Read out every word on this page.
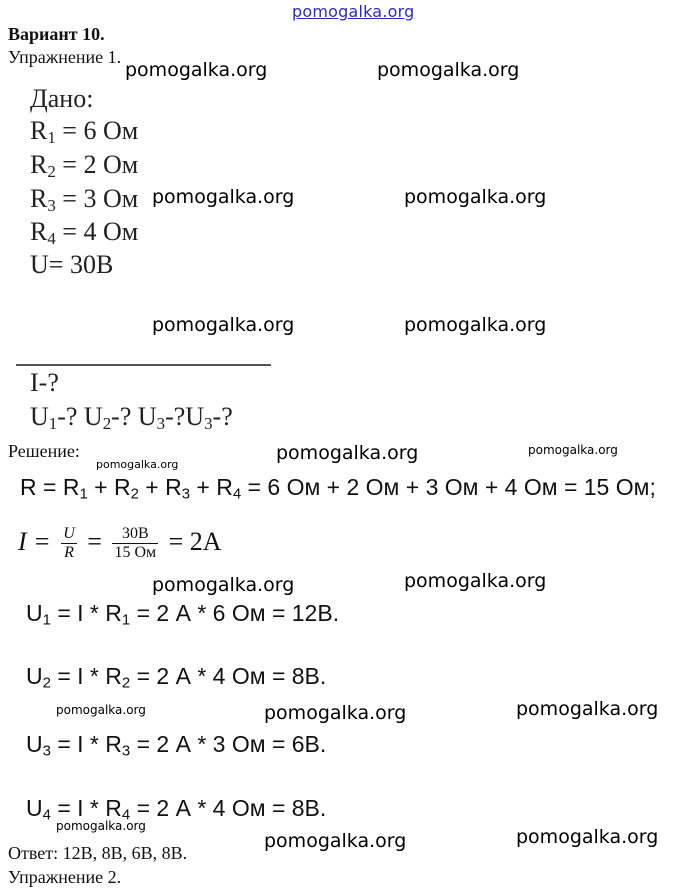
pomogalka.org
Вариант 10.
Упражнение 1.
Дано:
$R_1 = 6$ Ом
$R_2 = 2$ Ом
$R_3 = 3$ Ом
$R_4 = 4$ Ом
U= 30В
I-?
$U_1-$? $U_2-$? $U_3-?U_3-$?
Решение:
$R = R_1 + R_2 + R_3 + R_4 = 6$ Ом + 2 Ом + 3 Ом + 4 Ом = 15 Ом;
$I = \frac{U}{R} = \frac{30В}{15 Ом} = 2А$
$U_1 = I * R_1 = 2$ А * 6 Ом = 12В.
$U_2 = I * R_2 = 2$ А * 4 Ом = 8В.
$U_3 = I * R_3 = 2$ А * 3 Ом = 6В.
$U_4 = I * R_4 = 2$ А * 4 Ом = 8В.
Ответ: 12В, 8В, 6В, 8В.
Упражнение 2.
pomogalka.org	pomogalka.org
pomogalka.org	pomogalka.org
pomogalka.org	pomogalka.org
pomogalka.org	pomogalka.org
pomogalka.org
pomogalka.org	pomogalka.org
pomogalka.org	pomogalka.org	pomogalka.org
pomogalka.org
pomogalka.org	pomogalka.org
